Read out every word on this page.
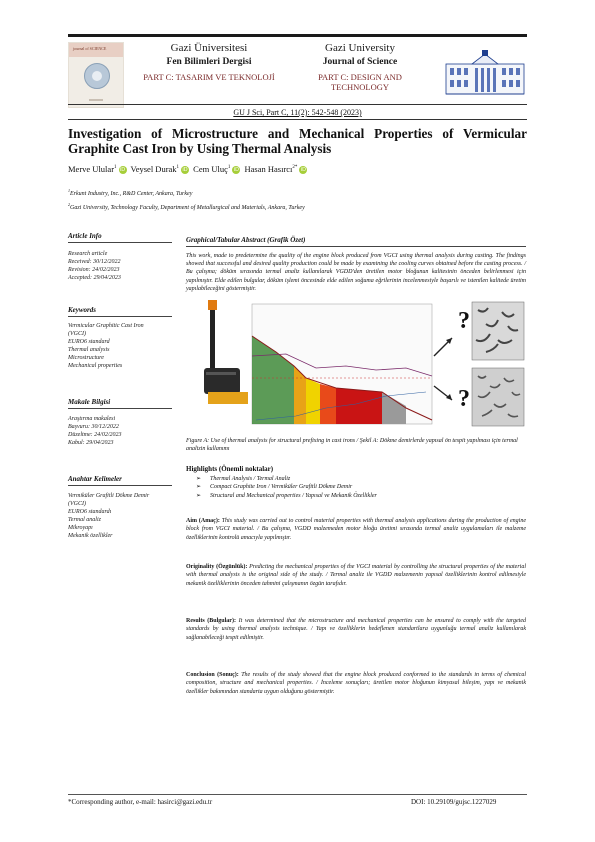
journal of SCIENCE	Gazi Üniversitesi
Fen Bilimleri Dergisi
PART C: TASARIM VE TEKNOLOJİ
Gazi University
Journal of Science
PART C: DESIGN AND TECHNOLOGY
GU J Sci, Part C, 11(2): 542-548 (2023)
Investigation of Microstructure and Mechanical Properties of Vermicular Graphite Cast Iron by Using Thermal Analysis
Merve Ulular$^1$ iD Veysel Durak$^1$ iD Cem Uluç$^1$ iD Hasan Hasırcı$^{2*}$ iD
$^1$Erkunt Industry, Inc., R&D Center, Ankara, Turkey
$^2$Gazi University, Technology Faculty, Department of Metallurgical and Materials, Ankara, Turkey
Article Info
Research article
Received: 30/12/2022
Revision: 24/02/2023
Accepted: 29/04/2023
Keywords
Vermicular Graphitic Cast Iron (VGCI)
EURO6 standard
Thermal analysis
Microstructure
Mechanical properties
Makale Bilgisi
Araştırma makalesi
Başvuru: 30/12/2022
Düzeltme: 24/02/2023
Kabul: 29/04/2023
Anahtar Kelimeler
Vermiküler Grafitli Dökme Demir (VGCI)
EURO6 standardı
Termal analiz
Mikroyapı
Mekanik özellikler
Graphical/Tabular Abstract (Grafik Özet)
This work, made to predetermine the quality of the engine block produced from VGCI using thermal analysis during casting. The findings showed that successful and desired quality production could be made by examining the cooling curves obtained before the casting process. / Bu çalışma; döküm sırasında termal analiz kullanılarak VGDD'den üretilen motor bloğunun kalitesinin önceden belirlenmesi için yapılmıştır. Elde edilen bulgular, döküm işlemi öncesinde elde edilen soğuma eğrilerinin incelenmesiyle başarılı ve istenilen kalitede üretim yapılabileceğini göstermiştir.
?
?
Figure A: Use of thermal analysis for structural prefixing in cast irons / Şekil A: Dökme demirlerde yapısal ön tespit yapılması için termal analizin kullanımı
Highlights (Önemli noktalar)
➢ Thermal Analysis / Termal Analiz
➢ Compact Graphite Iron / Vermiküler Grafitli Dökme Demir
➢ Structural and Mechanical properties / Yapısal ve Mekanik Özellikler
Aim (Amaç): This study was carried out to control material properties with thermal analysis applications during the production of engine block from VGCI material. / Bu çalışma, VGDD malzemeden motor bloğu üretimi sırasında termal analiz uygulamaları ile malzeme özelliklerinin kontrolü amacıyla yapılmıştır.
Originality (Özgünlük): Predicting the mechanical properties of the VGCI material by controlling the structural properties of the material with thermal analysis is the original side of the study. / Termal analiz ile VGDD malzemenin yapısal özelliklerinin kontrol edilmesiyle mekanik özelliklerinin önceden tahmini çalışmanın özgün tarafıdır.
Results (Bulgular): It was determined that the microstructure and mechanical properties can be ensured to comply with the targeted standards by using thermal analysis technique. / Yapı ve özelliklerin hedeflenen standartlara uygunluğu termal analiz kullanılarak sağlanabileceği tespit edilmiştir.
Conclusion (Sonuç): The results of the study showed that the engine block produced conformed to the standards in terms of chemical composition, structure and mechanical properties. / İnceleme sonuçları; üretilen motor bloğunun kimyasal bileşim, yapı ve mekanik özellikler bakımından standarta uygun olduğunu göstermiştir.
*Corresponding author, e-mail: hasirci@gazi.edu.tr	DOI: 10.29109/gujsc.1227029
